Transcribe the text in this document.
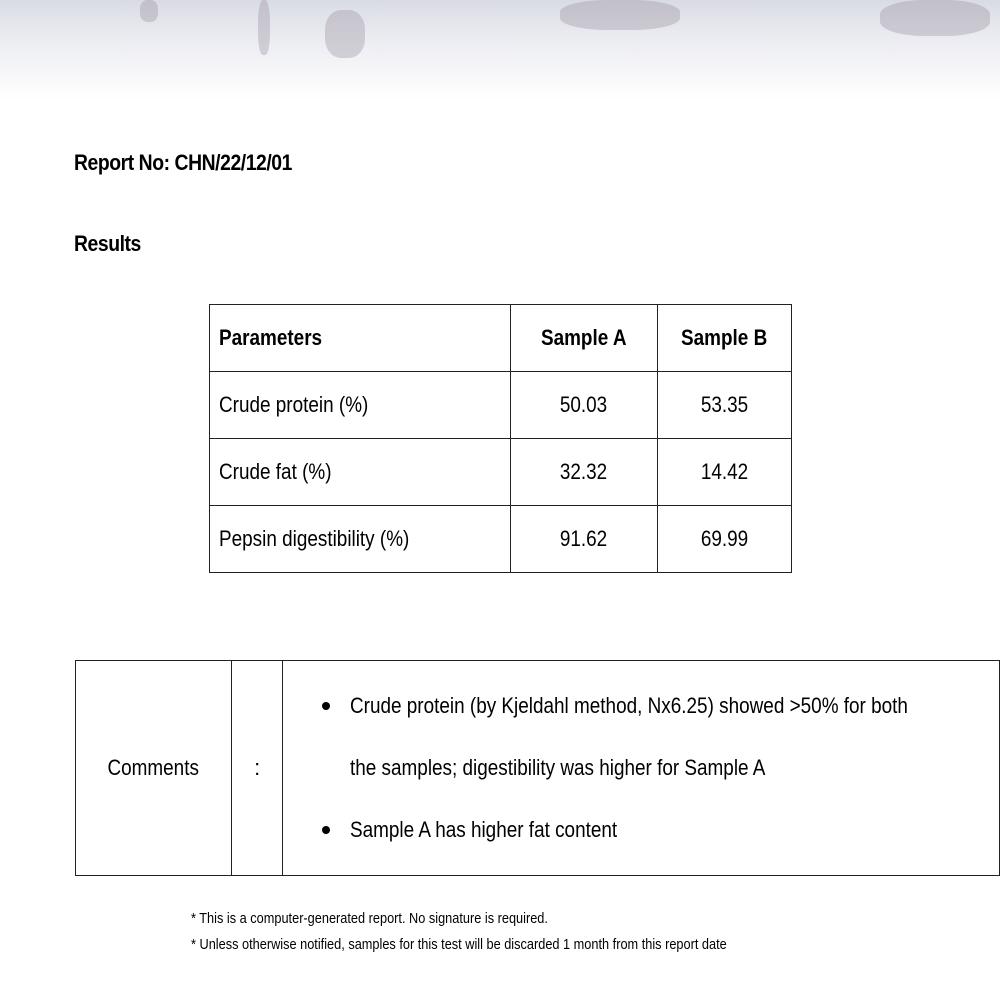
Report No: CHN/22/12/01
Results
Parameters	Sample A	Sample B
Crude protein (%)	50.03	53.35
Crude fat (%)	32.32	14.42
Pepsin digestibility (%)	91.62	69.99
Comments	:	
Crude protein (by Kjeldahl method, Nx6.25) showed >50% for both
the samples; digestibility was higher for Sample A
Sample A has higher fat content
* This is a computer-generated report. No signature is required.
* Unless otherwise notified, samples for this test will be discarded 1 month from this report date
